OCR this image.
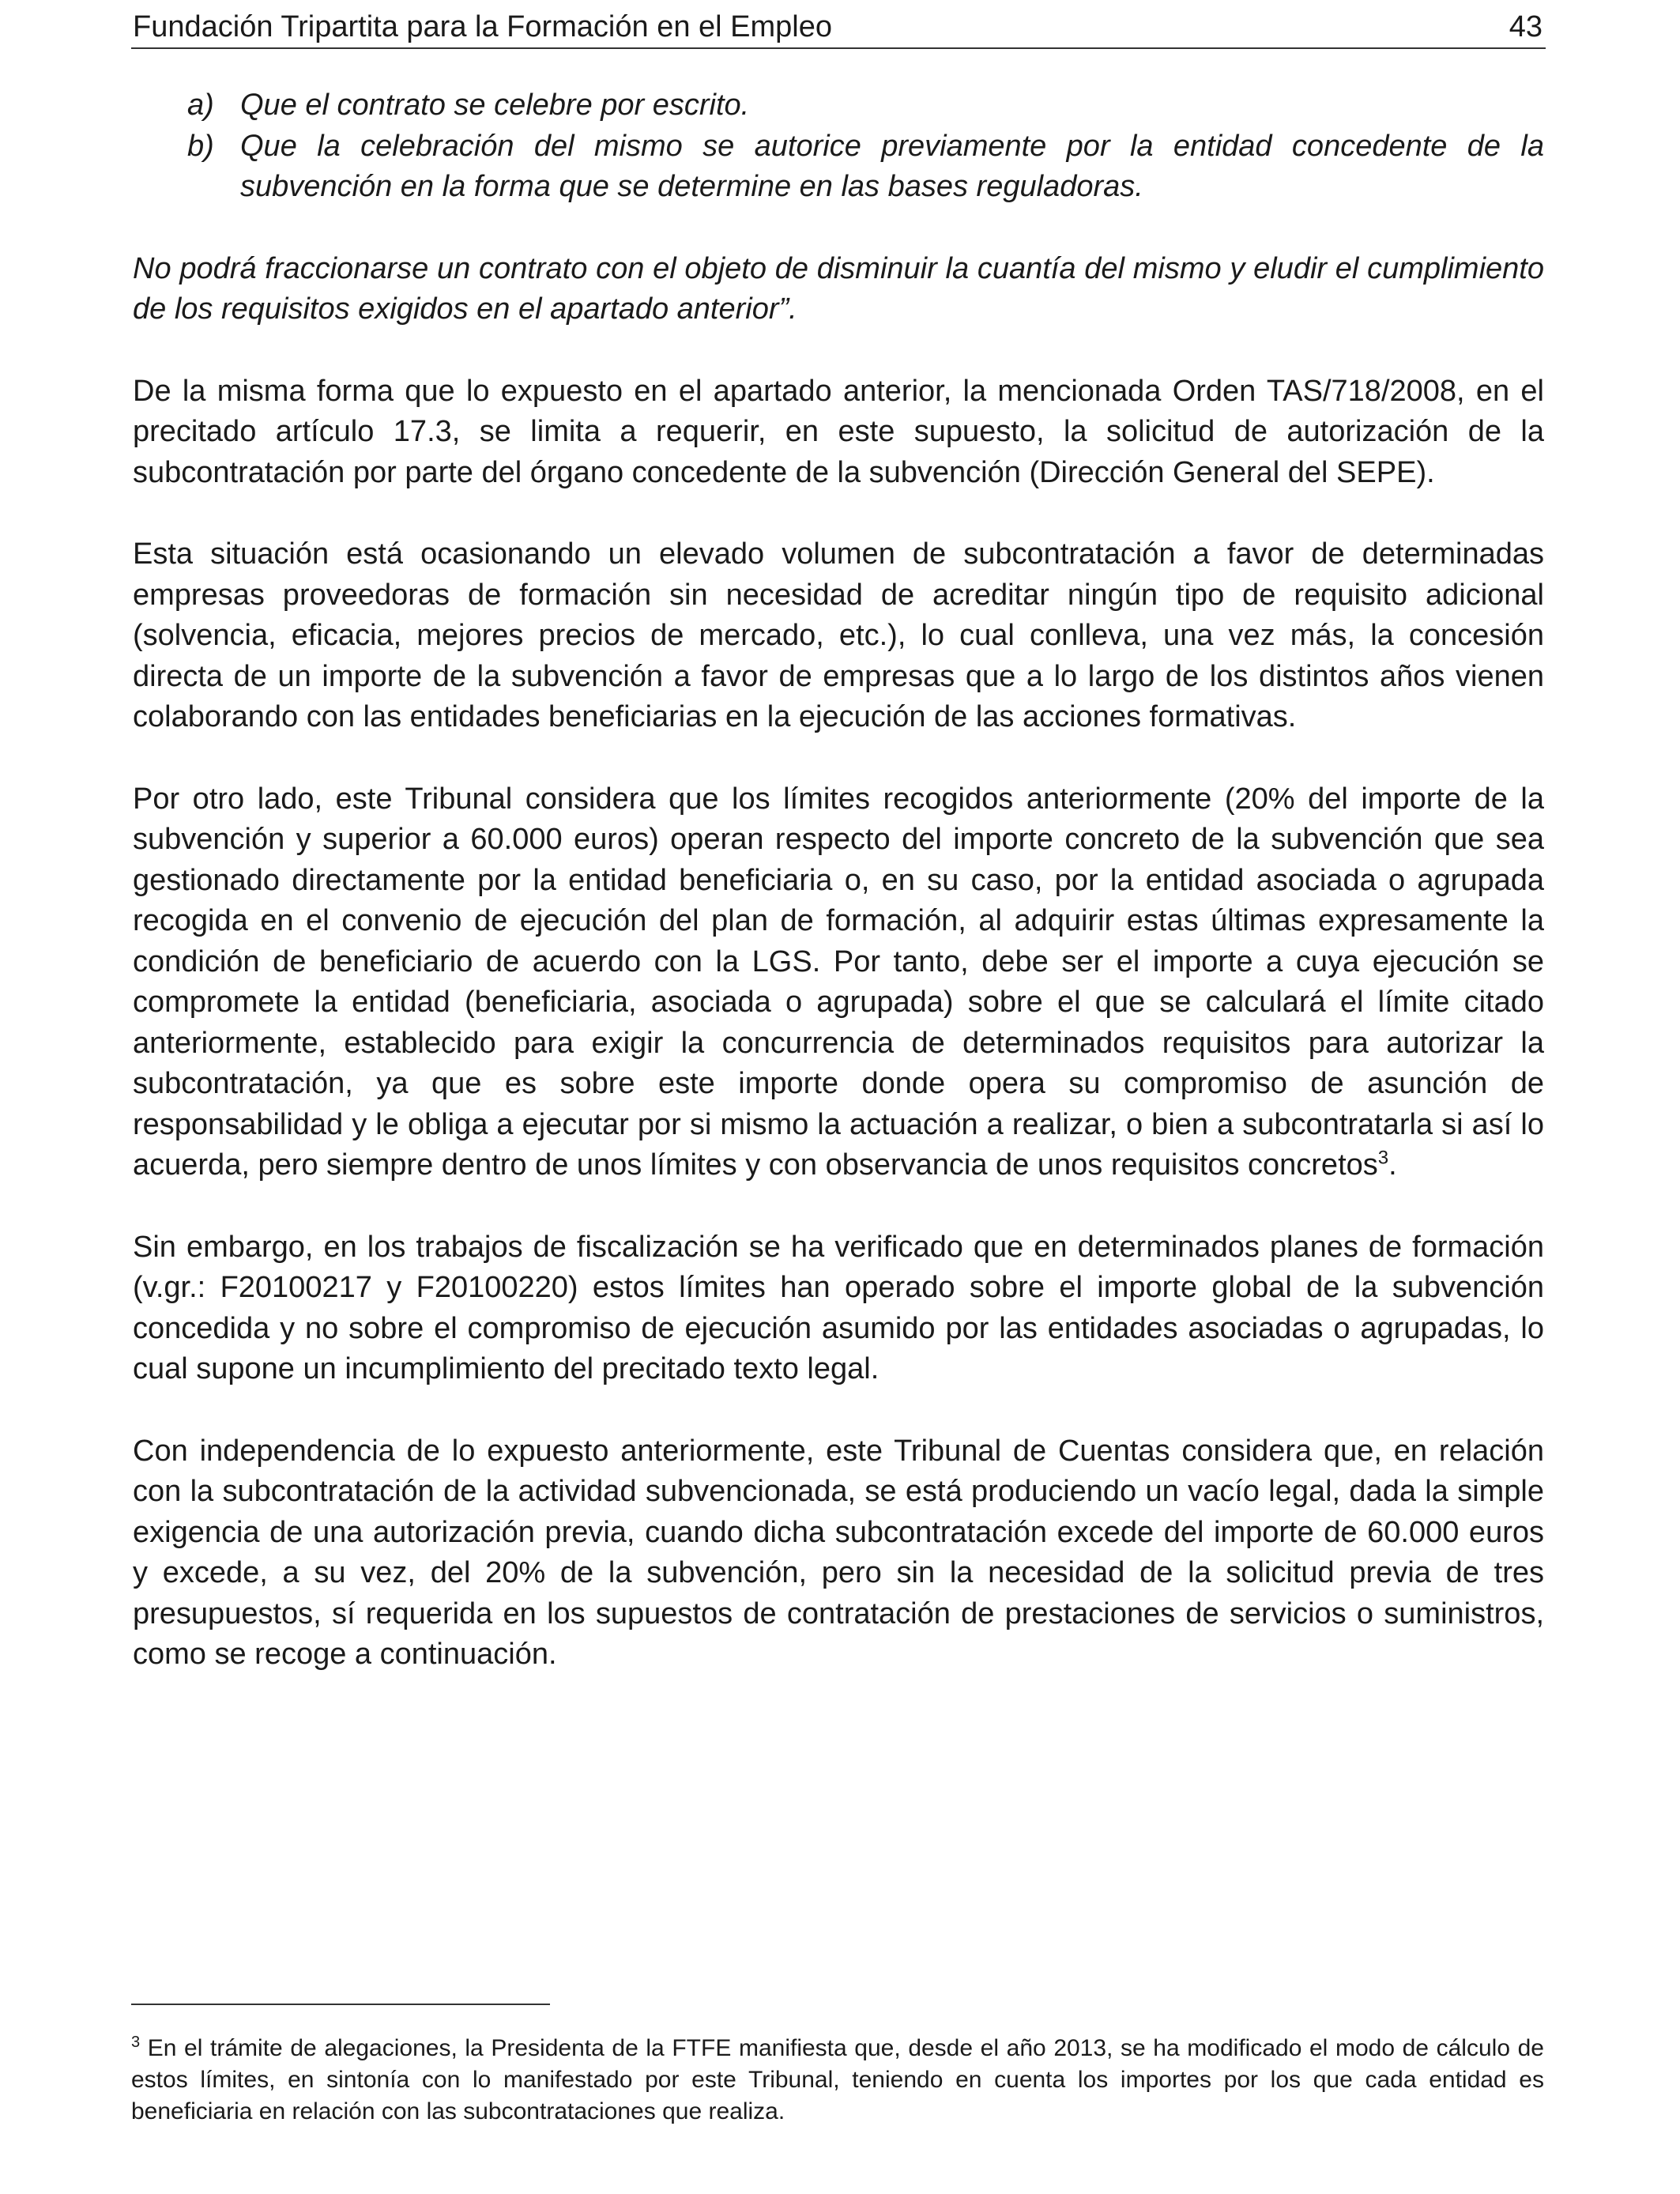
Fundación Tripartita para la Formación en el Empleo	43
a) Que el contrato se celebre por escrito.
b) Que la celebración del mismo se autorice previamente por la entidad concedente de la subvención en la forma que se determine en las bases reguladoras.

No podrá fraccionarse un contrato con el objeto de disminuir la cuantía del mismo y eludir el cumplimiento de los requisitos exigidos en el apartado anterior”.

De la misma forma que lo expuesto en el apartado anterior, la mencionada Orden TAS/718/2008, en el precitado artículo 17.3, se limita a requerir, en este supuesto, la solicitud de autorización de la subcontratación por parte del órgano concedente de la subvención (Dirección General del SEPE).

Esta situación está ocasionando un elevado volumen de subcontratación a favor de determinadas empresas proveedoras de formación sin necesidad de acreditar ningún tipo de requisito adicional (solvencia, eficacia, mejores precios de mercado, etc.), lo cual conlleva, una vez más, la concesión directa de un importe de la subvención a favor de empresas que a lo largo de los distintos años vienen colaborando con las entidades beneficiarias en la ejecución de las acciones formativas.

Por otro lado, este Tribunal considera que los límites recogidos anteriormente (20% del importe de la subvención y superior a 60.000 euros) operan respecto del importe concreto de la subvención que sea gestionado directamente por la entidad beneficiaria o, en su caso, por la entidad asociada o agrupada recogida en el convenio de ejecución del plan de formación, al adquirir estas últimas expresamente la condición de beneficiario de acuerdo con la LGS. Por tanto, debe ser el importe a cuya ejecución se compromete la entidad (beneficiaria, asociada o agrupada) sobre el que se calculará el límite citado anteriormente, establecido para exigir la concurrencia de determinados requisitos para autorizar la subcontratación, ya que es sobre este importe donde opera su compromiso de asunción de responsabilidad y le obliga a ejecutar por si mismo la actuación a realizar, o bien a subcontratarla si así lo acuerda, pero siempre dentro de unos límites y con observancia de unos requisitos concretos$^3$.

Sin embargo, en los trabajos de fiscalización se ha verificado que en determinados planes de formación (v.gr.: F20100217 y F20100220) estos límites han operado sobre el importe global de la subvención concedida y no sobre el compromiso de ejecución asumido por las entidades asociadas o agrupadas, lo cual supone un incumplimiento del precitado texto legal.

Con independencia de lo expuesto anteriormente, este Tribunal de Cuentas considera que, en relación con la subcontratación de la actividad subvencionada, se está produciendo un vacío legal, dada la simple exigencia de una autorización previa, cuando dicha subcontratación excede del importe de 60.000 euros y excede, a su vez, del 20% de la subvención, pero sin la necesidad de la solicitud previa de tres presupuestos, sí requerida en los supuestos de contratación de prestaciones de servicios o suministros, como se recoge a continuación.

$^3$ En el trámite de alegaciones, la Presidenta de la FTFE manifiesta que, desde el año 2013, se ha modificado el modo de cálculo de estos límites, en sintonía con lo manifestado por este Tribunal, teniendo en cuenta los importes por los que cada entidad es beneficiaria en relación con las subcontrataciones que realiza.
